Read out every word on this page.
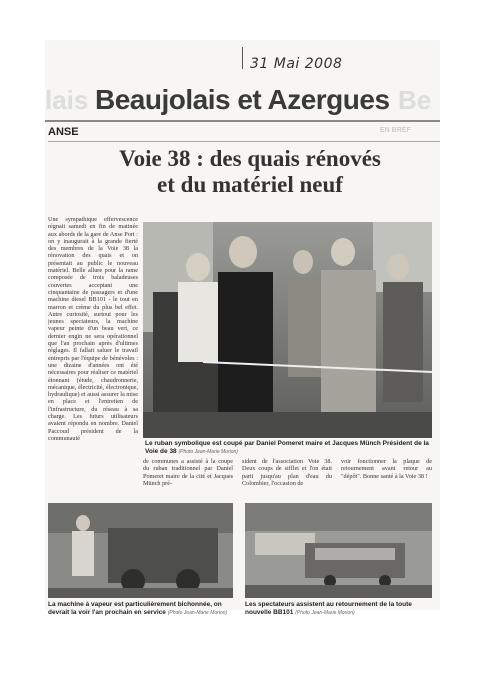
31 Mai 2008
lais Beaujolais et Azergues Be
ANSE	EN BREF
Voie 38 : des quais rénovés
et du matériel neuf
Une sympathique effervescence régnait samedi en fin de matinée aux abords de la gare de Anse Port : on y inaugurait à la grande fierté des membres de la Voie 38 la rénovation des quais et on présentait au public le nouveau matériel. Belle allure pour la rame composée de trois baladeuses couvertes acceptant une cinquantaine de passagers et d'une machine diesel BB101 - le tout en marron et crème du plus bel effet. Autre curiosité, surtout pour les jeunes spectateurs, la machine vapeur peinte d'un beau vert, ce dernier engin ne sera opérationnel que l'an prochain après d'ultimes réglages. Il fallait saluer le travail entrepris par l'équipe de bénévoles : une dizaine d'années ont été nécessaires pour réaliser ce matériel étonnant (étude, chaudronnerie, mécanique, électricité, électronique, hydraulique) et aussi assurer la mise en place et l'entretien de l'infrastructure, du réseau à sa charge. Les futurs utilisateurs avaient répondu en nombre. Daniel Paccoud président de la communauté
Le ruban symbolique est coupé par Daniel Pomeret maire et Jacques Münch Président de la Voie de 38 (Photo Jean-Marie Morion)
de communes a assisté à la coupe du ruban traditionnel par Daniel Pomeret maire de la cité et Jacques Münch pré-
sident de l'association Voie 38. Deux coups de sifflet et l'on était parti jusqu'au plan d'eau du Colombier, l'occasion de
voir fonctionner la plaque de retournement avant retour au "dépôt". Bonne santé à la Voie 38 !
La machine à vapeur est particulièrement bichonnée, on devrait la voir l'an prochain en service (Photo Jean-Marie Morion)
Les spectateurs assistent au retournement de la toute nouvelle BB101 (Photo Jean-Marie Morion)
